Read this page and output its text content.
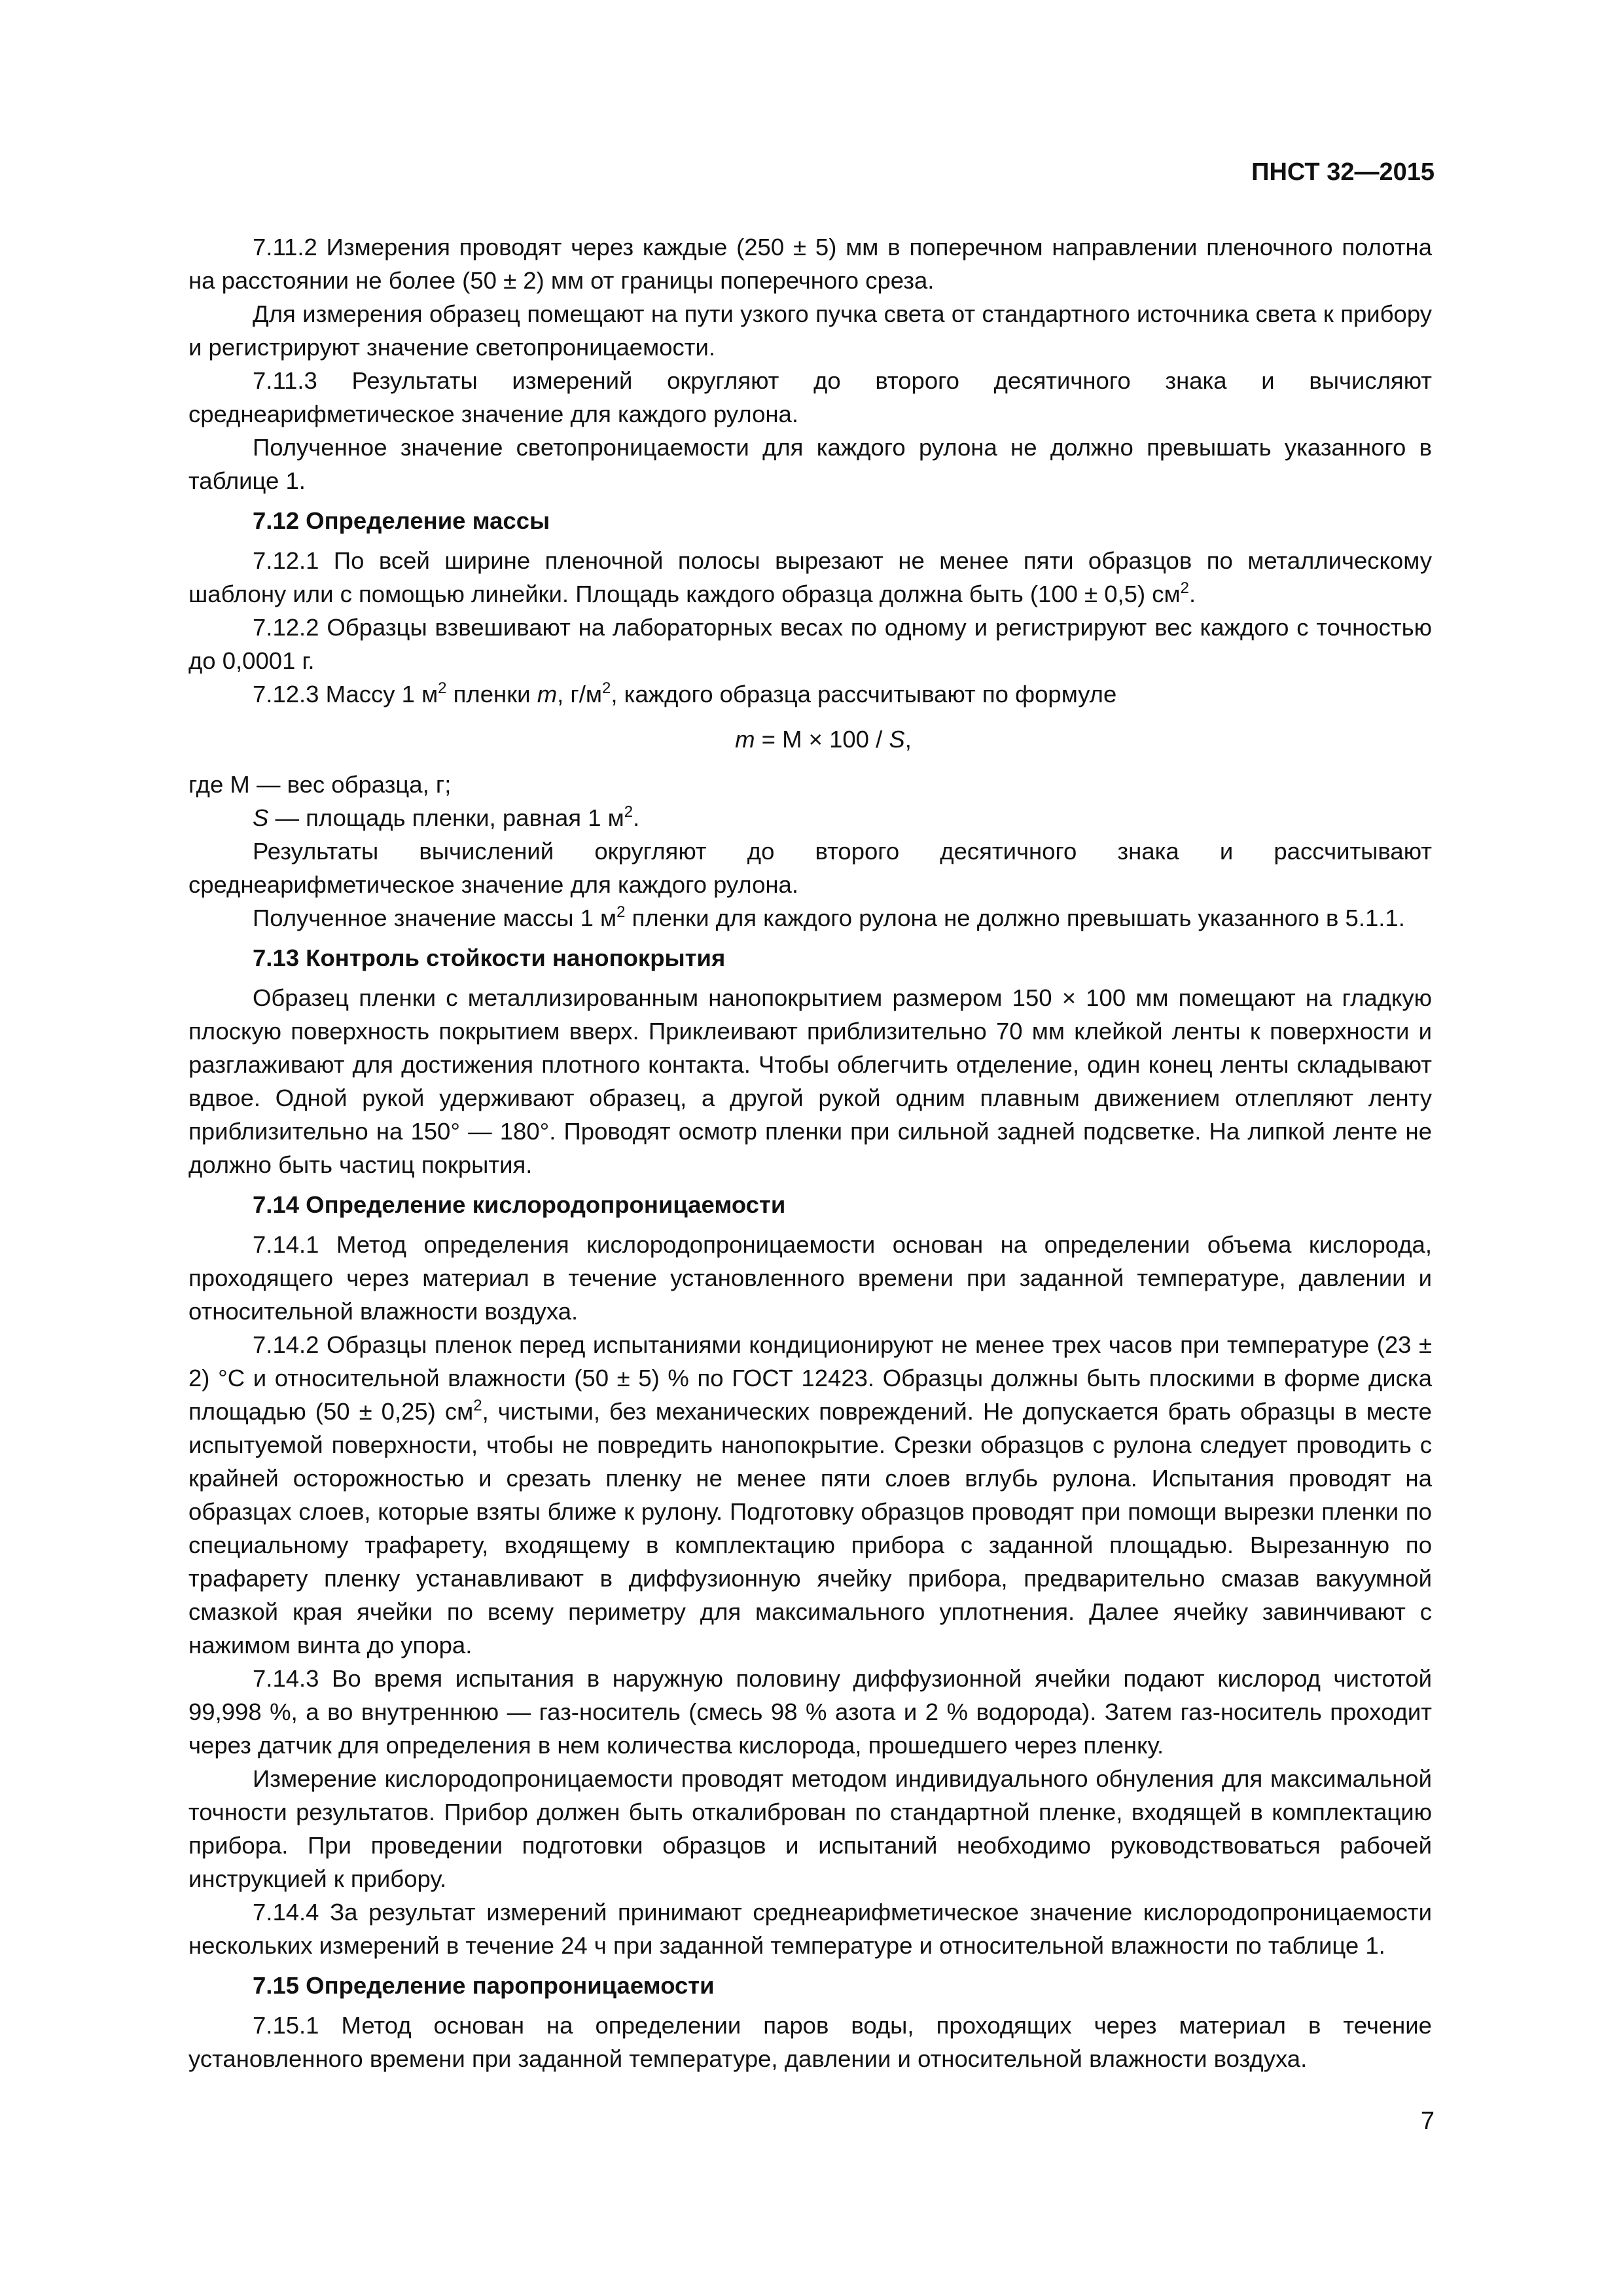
ПНСТ 32—2015

7.11.2 Измерения проводят через каждые (250 ± 5) мм в поперечном направлении пленочного полотна на расстоянии не более (50 ± 2) мм от границы поперечного среза.

Для измерения образец помещают на пути узкого пучка света от стандартного источника света к прибору и регистрируют значение светопроницаемости.

7.11.3 Результаты измерений округляют до второго десятичного знака и вычисляют среднеарифметическое значение для каждого рулона.

Полученное значение светопроницаемости для каждого рулона не должно превышать указанного в таблице 1.

7.12 Определение массы

7.12.1 По всей ширине пленочной полосы вырезают не менее пяти образцов по металлическому шаблону или с помощью линейки. Площадь каждого образца должна быть (100 ± 0,5) $см^2$.

7.12.2 Образцы взвешивают на лабораторных весах по одному и регистрируют вес каждого с точностью до 0,0001 г.

7.12.3 Массу 1 $м^2$ пленки m, $г/м^2$, каждого образца рассчитывают по формуле

m = M × 100 / S,

где М — вес образца, г;

S — площадь пленки, равная 1 $м^2$.

Результаты вычислений округляют до второго десятичного знака и рассчитывают среднеарифметическое значение для каждого рулона.

Полученное значение массы 1 $м^2$ пленки для каждого рулона не должно превышать указанного в 5.1.1.

7.13 Контроль стойкости нанопокрытия

Образец пленки с металлизированным нанопокрытием размером 150 × 100 мм помещают на гладкую плоскую поверхность покрытием вверх. Приклеивают приблизительно 70 мм клейкой ленты к поверхности и разглаживают для достижения плотного контакта. Чтобы облегчить отделение, один конец ленты складывают вдвое. Одной рукой удерживают образец, а другой рукой одним плавным движением отлепляют ленту приблизительно на 150° — 180°. Проводят осмотр пленки при сильной задней подсветке. На липкой ленте не должно быть частиц покрытия.

7.14 Определение кислородопроницаемости

7.14.1 Метод определения кислородопроницаемости основан на определении объема кислорода, проходящего через материал в течение установленного времени при заданной температуре, давлении и относительной влажности воздуха.

7.14.2 Образцы пленок перед испытаниями кондиционируют не менее трех часов при температуре (23 ± 2) °С и относительной влажности (50 ± 5) % по ГОСТ 12423. Образцы должны быть плоскими в форме диска площадью (50 ± 0,25) $см^2$, чистыми, без механических повреждений. Не допускается брать образцы в месте испытуемой поверхности, чтобы не повредить нанопокрытие. Срезки образцов с рулона следует проводить с крайней осторожностью и срезать пленку не менее пяти слоев вглубь рулона. Испытания проводят на образцах слоев, которые взяты ближе к рулону. Подготовку образцов проводят при помощи вырезки пленки по специальному трафарету, входящему в комплектацию прибора с заданной площадью. Вырезанную по трафарету пленку устанавливают в диффузионную ячейку прибора, предварительно смазав вакуумной смазкой края ячейки по всему периметру для максимального уплотнения. Далее ячейку завинчивают с нажимом винта до упора.

7.14.3 Во время испытания в наружную половину диффузионной ячейки подают кислород чистотой 99,998 %, а во внутреннюю — газ-носитель (смесь 98 % азота и 2 % водорода). Затем газ-носитель проходит через датчик для определения в нем количества кислорода, прошедшего через пленку.

Измерение кислородопроницаемости проводят методом индивидуального обнуления для максимальной точности результатов. Прибор должен быть откалиброван по стандартной пленке, входящей в комплектацию прибора. При проведении подготовки образцов и испытаний необходимо руководствоваться рабочей инструкцией к прибору.

7.14.4 За результат измерений принимают среднеарифметическое значение кислородопроницаемости нескольких измерений в течение 24 ч при заданной температуре и относительной влажности по таблице 1.

7.15 Определение паропроницаемости

7.15.1 Метод основан на определении паров воды, проходящих через материал в течение установленного времени при заданной температуре, давлении и относительной влажности воздуха.

7
